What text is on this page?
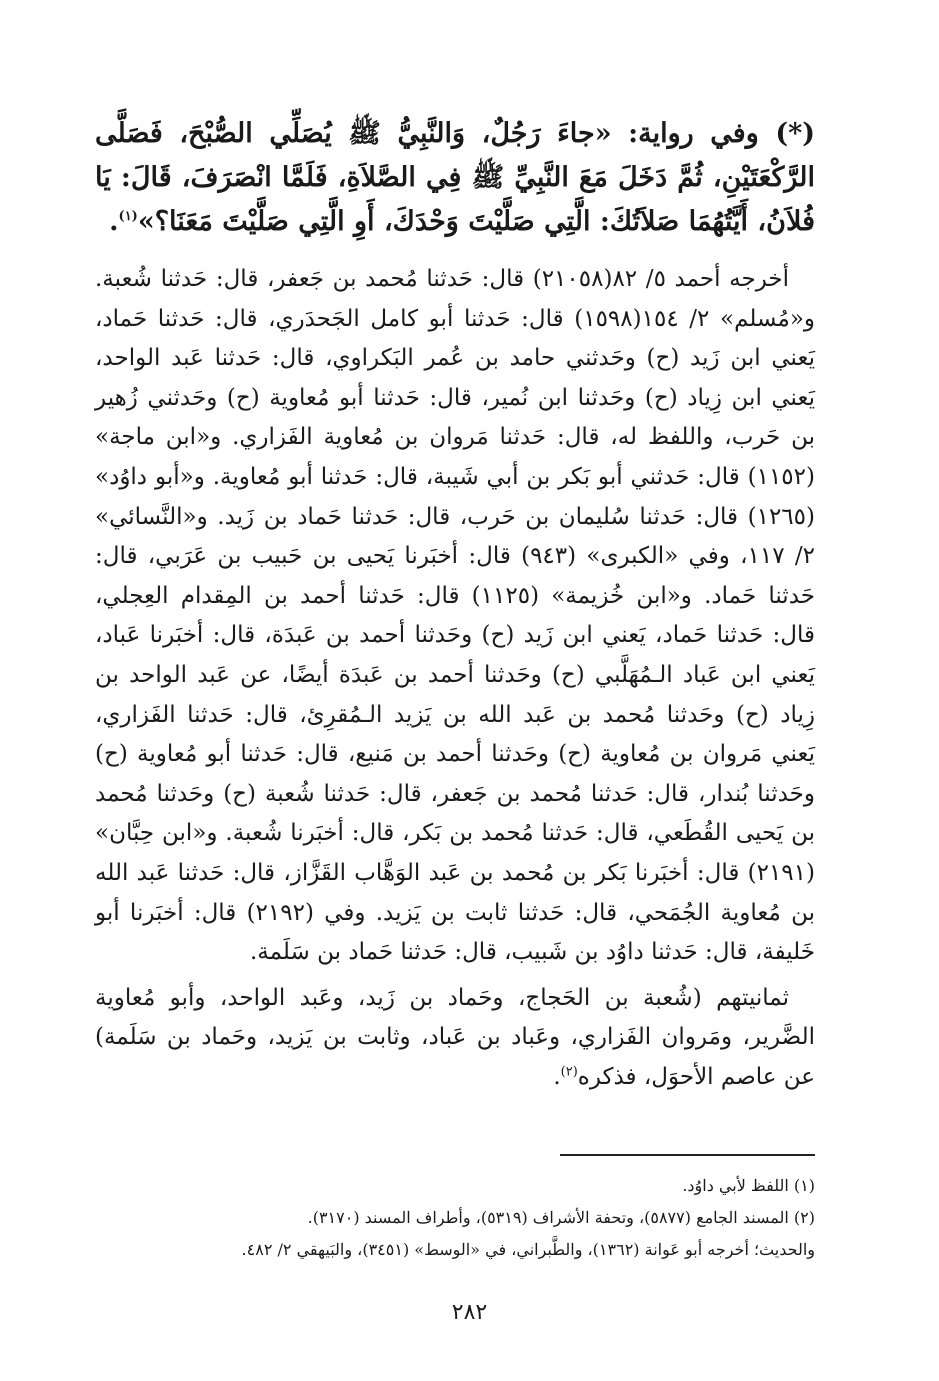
(*) وفي رواية: «جاءَ رَجُلٌ، وَالنَّبِيُّ ﷺ يُصَلِّي الصُّبْحَ، فَصَلَّى الرَّكْعَتَيْنِ، ثُمَّ دَخَلَ مَعَ النَّبِيِّ ﷺ فِي الصَّلاَةِ، فَلَمَّا انْصَرَفَ، قَالَ: يَا فُلاَنُ، أَيَّتُهُمَا صَلاَتُكَ: الَّتِي صَلَّيْتَ وَحْدَكَ، أَوِ الَّتِي صَلَّيْتَ مَعَنَا؟»$^{(١)}$.

أخرجه أحمد ٥/ ٨٢(٢١٠٥٨) قال: حَدثنا مُحمد بن جَعفر، قال: حَدثنا شُعبة. و«مُسلم» ٢/ ١٥٤(١٥٩٨) قال: حَدثنا أبو كامل الجَحدَري، قال: حَدثنا حَماد، يَعني ابن زَيد (ح) وحَدثني حامد بن عُمر البَكراوي، قال: حَدثنا عَبد الواحد، يَعني ابن زِياد (ح) وحَدثنا ابن نُمير، قال: حَدثنا أبو مُعاوية (ح) وحَدثني زُهير بن حَرب، واللفظ له، قال: حَدثنا مَروان بن مُعاوية الفَزاري. و«ابن ماجة» (١١٥٢) قال: حَدثني أبو بَكر بن أبي شَيبة، قال: حَدثنا أبو مُعاوية. و«أبو داوُد» (١٢٦٥) قال: حَدثنا سُليمان بن حَرب، قال: حَدثنا حَماد بن زَيد. و«النَّسائي» ٢/ ١١٧، وفي «الكبرى» (٩٤٣) قال: أخبَرنا يَحيى بن حَبيب بن عَرَبي، قال: حَدثنا حَماد. و«ابن خُزيمة» (١١٢٥) قال: حَدثنا أحمد بن المِقدام العِجلي، قال: حَدثنا حَماد، يَعني ابن زَيد (ح) وحَدثنا أحمد بن عَبدَة، قال: أخبَرنا عَباد، يَعني ابن عَباد الـمُهَلَّبي (ح) وحَدثنا أحمد بن عَبدَة أيضًا، عن عَبد الواحد بن زِياد (ح) وحَدثنا مُحمد بن عَبد الله بن يَزيد الـمُقرِئ، قال: حَدثنا الفَزاري، يَعني مَروان بن مُعاوية (ح) وحَدثنا أحمد بن مَنيع، قال: حَدثنا أبو مُعاوية (ح) وحَدثنا بُندار، قال: حَدثنا مُحمد بن جَعفر، قال: حَدثنا شُعبة (ح) وحَدثنا مُحمد بن يَحيى القُطَعي، قال: حَدثنا مُحمد بن بَكر، قال: أخبَرنا شُعبة. و«ابن حِبَّان» (٢١٩١) قال: أخبَرنا بَكر بن مُحمد بن عَبد الوَهَّاب القَزَّاز، قال: حَدثنا عَبد الله بن مُعاوية الجُمَحي، قال: حَدثنا ثابت بن يَزيد. وفي (٢١٩٢) قال: أخبَرنا أبو خَليفة، قال: حَدثنا داوُد بن شَبيب، قال: حَدثنا حَماد بن سَلَمة.

ثمانيتهم (شُعبة بن الحَجاج، وحَماد بن زَيد، وعَبد الواحد، وأبو مُعاوية الضَّرير، ومَروان الفَزاري، وعَباد بن عَباد، وثابت بن يَزيد، وحَماد بن سَلَمة) عن عاصم الأحوَل، فذكره$^{(٢)}$.

(١) اللفظ لأبي داوُد.
(٢) المسند الجامع (٥٨٧٧)، وتحفة الأشراف (٥٣١٩)، وأطراف المسند (٣١٧٠).
والحديث؛ أخرجه أبو عَوانة (١٣٦٢)، والطَّبراني، في «الوسط» (٣٤٥١)، والبَيهقي ٢/ ٤٨٢.
٢٨٢
